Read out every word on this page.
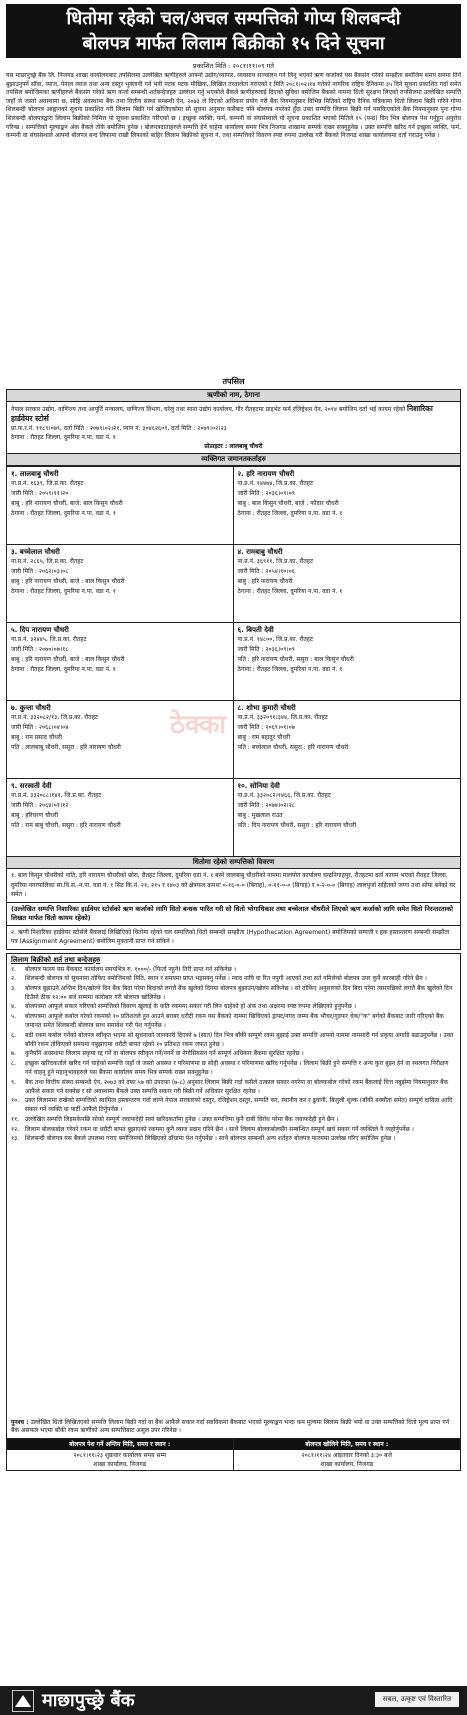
धितोमा रहेको चल/अचल सम्पत्तिको गोप्य शिलबन्दी
बोलपत्र मार्फत लिलाम बिक्रीको १५ दिने सूचना
प्रकाशित मिति : २०८१।११।०९ गते
यस माछापुच्छ्रे बैंक लि. निजगढ शाखा कार्यालयबाट तपसिलमा उल्लेखित ऋणीहरुले आफ्नो उद्योग/व्यापार, व्यवसाय सञ्चालन गर्न लिनु भएको ऋण कर्जाको यस बैंकसंग गरेको सम्झौता बमोजिम समय सममा तिर्ने बुझाउनुपर्ने सॉवा, व्याज, पेनाल व्याज तथा अन्य दस्तुर भुक्तानी गर्न भनी पटक पटक मौखिक, लिखित तरतालेता गराएको र मिति २०८१।०२।१४ गतेको नागरिक राष्ट्रिय दैनिकमा ३५ दिने सूचना प्रकाशित गर्दा समेत तपसिल बमोजिमका ऋणीहरुले बैंकसंग गरेको ऋण कर्जा सम्बन्धी शर्तबन्देजहरु उल्लंघन गर्नु भएकोले बैंकले ऋणीहरुलाई दिएको सुविधा बमोजिम बैंकको नाममा धितो सुरक्षण लिएको तपसिलमा उल्लेखित सम्पत्ति जहाँ जे जस्तो अवस्थामा छ, सोहि अवस्थामा बैंक तथा वित्तीय संस्था सम्बन्धी ऐन, २०७३ ले दिएको अधिकार प्रयोग गरी बैंक नियमानुसार विभिन्न मितिको राष्ट्रिय दैनिक पत्रिकामा धितो लिलाम बिक्री गरिने गोप्य शिलबन्दी बोलपत्र आह्वानको सूचना प्रकाशित गरी लिलाम बिक्री गर्न खोजिएकोमा सो सूचना अनुसार कसैबाट पनि बोलपत्र नपरेको हुँदा उक्त सम्पत्ति लिलाम बिक्री गर्न नसकिएकोले बैंक नियमानुसार पुनः गोप्य शिलबन्दी बोलपत्रद्वारा लिलाम बिक्रीको निमित्त यो सूचना प्रकाशित गरिएको छ । इच्छुक व्यक्ति, फर्म, कम्पनी वा संघसंस्थाले यो सूचना प्रकाशित भएको मितिले १५ (पन्ध्र) दिन भित्र बोलपत्र पेश गर्नुहुन अनुरोध गरिन्छ । सम्पत्तिको मूल्याङ्कन अंक बैंकले तोके बमोजिम हुनेछ । बोलपत्रदाताहरुले सम्पत्ति हेर्न चाहेमा कार्यालय समय भित्र निजगढ शाखामा सम्पर्क राख्न सक्नुहुनेछ । उक्त सम्पत्ति खरिद गर्न इच्छुक व्यक्ति, फर्म, कम्पनी वा संघसंस्थाले आफ्नो बोलपत्र बन्द लिफामा राखी लिफाको बाहिर लिलाम बिक्रीको सूचना नं. तथा सम्पत्तिको विवरण स्पष्ट रुपमा उल्लेख गरी बैंकको निजगढ शाखा कार्यालयमा दर्ता गराउनु पर्नेछ ।
तपसिल
ऋणीको नाम, ठेगाना
नेपाल सरकार उद्योग, वाणिज्य तथा आपूर्ति मन्त्रालय, वाणिज्य विभाग, घरेलु तथा साना उद्योग कार्यालय, गौर रौतहटमा प्राइभेट फर्म रजिष्ट्रेशन ऐन, २०१४ बमोजिम दर्ता भई कायम रहेको निशारिका हार्डवेयर स्टोर्स
प्रा.फ.र.नं. ११८९।०७९, दर्ता मिति : २०७९।०२।२१, प्यान नं. ३०४६२६०९, दर्ता मिति : २०७९।०२।२३
ठेगाना : रौतहट जिल्ला, दुमरिया न.पा. वडा नं. १
प्रोप्राइटर : लालबाबु चौधरी
व्यक्तिगत जमानतकर्ताहरु
१. लालबाबु चौधरी
ना.प्र.नं. १६३९, जि.प्र.का. रौतहट
जारी मिति : २०५९।११।२०
बाबु : हरि नारायण चौधरी, बाजे: बाल किसुन चौधरी
ठेगाना : रौतहट जिल्ला, दुमरिया न.पा. वडा नं. १
२. हरि नारायण चौधरी
ना.प्र.नं. १४४७४, जि.प्र.का. रौतहट
जारी मिति : २०३६।०९।०९
बाबु : बाल किसुन चौधरी, बाजे : फौदार चौधरी
ठेगाना : रौतहट जिल्ला, दुमरिया न.पा. वडा नं. १
३. बच्चेलाल चौधरी
ना.प्र.नं. २८६५, जि.प्र.का. रौतहट
जारी मिति : २०६२।०३।०८
बाबु : हरि नारायण चौधरी, बाजे : बाल किसुन चौधरी
ठेगाना : रौतहट जिल्ला, दुमरिया न.पा. वडा नं. १
४. रामबाबु चौधरी
ना.प्र.नं. ३६९११, जि.प्र.का. रौतहट
जारी मिति : २०५४।१०।०६
बाबु : हरि नारायण चौधरी
ठेगाना : रौतहट जिल्ला, दुमरिया न.पा. वडा नं. १
५. दिप नारायण चौधरी
ना.प्र.नं. ३२४४५, जि.प्र.का. रौतहट
जारी मिति : २०७०।०७।१८
बाबु : हरि नारायण चौधरी, बाजे : बाल किसुन चौधरी
ठेगाना : रौतहट जिल्ला, दुमरिया न.पा. वडा नं. १
६. बिपती देवी
ना.प्र.नं. १४८००, जि.प्र.का. रौतहट
जारी मिति : २०३६।०९।०९
पति : हरि नारायण चौधरी, ससुरा : बाल किसुन चौधरी
ठेगाना : रौतहट जिल्ला, दुमरिया न.पा. वडा नं. १
७. कुन्ता चौधरी
ना.प्र.नं. ३३२०८२/१३, जि.प्र.का. रौतहट
जारी मिति : २०६८।०४।०४
बाबु : राम प्रसाद चौधरी
पति : लालबाबु चौधरी, ससुरा : हरि नारायण चौधरी
८. शोभा कुमारी चौधरी
ना.प्र.नं. ३३२०९१।३४४, जि.प्र.का. रौतहट
जारी मिति : २०६९।०१।०७
बाबु : राम बहादुर चौधरी
पति : बच्चेलाल चौधरी, ससुरा : हरि नारायण चौधरी
९. सरस्वती देवी
ना.प्र.नं. ३३२०८८।१४१, जि.प्र.का. रौतहट
जारी मिति : २०६४।०१।१२
बाबु : हरिचरण चौधरी
पति : राम बाबु चौधरी, ससुरा : हरि नारायण चौधरी
१०. सोनिया देवी
ना.प्र.नं. ३३२०८२।१४६६, जि.प्र.का. रौतहट
जारी मिति : २०७४।०२।२८
बाबु : मुखलाल राउत
पति : दिप नारायण चौधरी, ससुरा : हरि नारायण चौधरी
धितोमा रहेको सम्पत्तिको विवरण
१. बाल किसुन चौधरीको नाति, हरि नारायण चौधरीको छोरा, रौतहट जिल्ला, दुमरिया वडा नं. १ बस्ने लालबाबु चौधरीको नाममा मालपोत कार्यालय चन्द्रनिगाहपुर, रौतहटमा दर्ता कायम भएको रौतहट जिल्ला, दुमरिया नगरपालिका सा.वि.स.-न.पा. वडा नं. १ सिट कि.नं. २१, २१५ र १४०३ को क्षेत्रफल क्रमशः ०-१६-०-० (बिगाह), ०-११-०-० (बिगाह) र ०-२-०-० (बिगाह) लालपुर्जा सहितको जग्गा तथा सोमा बनेको घर समेत ।
(उल्लेखित सम्पत्ति निशारिका हार्डवेयर स्टोर्सको ऋण कर्जाको लागि धितो बन्धक पारित गरी सो धितो भोगाधिकार तथा बच्चेलाल चौधरीले लिएको ऋण कर्जाको लागि समेत धितो निरन्तरताको लिखत मार्फत धितो कायम रहेको)
२. ऋणी निशारिका हार्डवेयर स्टोर्सले बैंकलाई लिखिएिको धितोमा रहेको चल सम्पत्तिको धितो सम्बन्धी सम्झौता (Hypothecation Agreement) बमोजिमको सम्पत्ती र हक हस्तान्तरण सम्बन्धी सम्झौता पत्र (Assignment Agreement) बमोजिम मुक्तानी प्राप्त गर्न सकिने ।
लिलाम बिक्रीको शर्त तथा बन्देजहरु
१.	बोलपत्र फारम यस बैंकबाट कार्यालय समयभित्र रु. १०००/- (फिर्ता नहुने) तिरी प्राप्त गर्न सकिनेछ ।
२.	शिलबन्दी बोलपत्र यो सूचनामा तोकिए बमोजिमको मिति, स्थान र समयमा प्राप्त भइसक्नु पर्नेछ । म्याद नाघि वा रित नपुगी आएको तथा सर्त नमिलेको बोलपत्र उपर कुनै कारबाही गरिने छैन ।
३.	बोलपत्र बुझाउने अन्तिम दिन/खोल्ने दिन बैंक बिदा परेमा बिदाको लगत्तै बैंक खुलेको दिनमा बोलपत्र बुझाउन/खोल्न सकिनेछ । सो तोकिए अनुसारको दिन बिदा परेमा त्यसपछिको लगत्तै बैंक खुलेको दिन दिउँसो ठीक १२:०० बजे सम्ममा कारोबार गरी बोलपत्र खोलिनेछ ।
४.	बोलपत्रमा आफूले सकार गरिएको सम्पत्तिको विवरण खुलाई के कति रकममा सकार गरी लिन चाहेको हो अंक तथा अक्षरमा स्पष्ट रुपमा लेखिएको हुनुपर्नेछ ।
५.	बोलपत्रमा आफूले कबोल गरेको रकमको १० प्रतिशतले हुन आउने बराबर धरौटी रकम यस बैंकको नाममा खिचिएको ड्राफ्ट/नगद जम्मा बैंक भौचर/गुडफर चेक/"क" बर्गको बैंकबाट जारी गरिएको बैंक जमानत समेत शिलबन्दी बोलपत्र साथ समावेश गरी पेश गर्नुपर्नेछ ।
६.	बढी रकम कबोल गर्नेको बोलपत्र स्वीकृत भएमा सो सूचनाको जानकारी दिएको ७ (सात) दिन भित्र बाँकी सम्पूर्ण रकम बुझाई उक्त सम्पत्ति आफ्नो नाममा नामसारी गर्न प्रकृया अगाडि बढाउनुपर्नेछ । उक्त बाँकी रकम तोकिएको समयमा नबुझाएमा धरौटी बापत रहेको १० प्रतिशत रकम जफत हुनेछ ।
७.	कुनैपनि अवस्थामा लिलाम प्रकृया रद्द गर्ने वा बोलपत्र स्वीकृत गर्ने/नगर्ने वा नेगोसियसन गर्ने सम्पूर्ण अधिकार बैंकमा सुरक्षित रहनेछ ।
८.	इच्छुक खरिदकर्ताले खरिद गर्न चाहेको सम्पत्ति जहाँ जे जस्तो अवस्था र परिमाणमा छ सोही अवस्था र परिमाणमा खरिद गर्नुपर्नेछ । लिलाम बिक्री हुने सम्पत्ति र अन्य कुरा बुझ्न हेर्न वा स्थलगत निरीक्षण गर्न चाहनु हुने महानुभावहरुले यस बैंकमा कार्यालय समय भित्र सम्पर्क राख्न सक्नुहुनेछ ।
९.	बैंक तथा वित्तीय संस्था सम्बन्धी ऐन, २०७३ को दफा ५७ को उपदफा (७-८) अनुसार लिलाम बिक्री गर्दा कसैले तत्काल सकार नगरेमा वा बोलकबोल गरेको रकम बैंकलाई चित्त नबुझेमा नियमानुसार बैंक आफैंले सकार गर्न सक्नेछ र सो अवस्थामा बैंकले उक्त सम्पत्ति सकार गरी बिक्री गर्ने अधिकार सुरक्षित रहनेछ ।
१०. उक्त लिलाममा राखेको सम्पत्तिको स्वामित्व हस्तान्तरण गर्दा लाग्ने नेपाल सरकारको दस्तुर, रजिष्ट्रेशन दस्तुर, सम्पति कर, स्थानीय कर र ढुवानी, बिजुली शुल्क (बाँकी बक्यौता समेत) सम्पूर्ण दायित्व आदि सकार गर्ने व्यक्ति वा पार्टी आफैंले तिर्नुपर्नेछ ।
११. उल्लेखित सम्पत्ति लिइसकेपछि सोको सम्पूर्ण जवाफदेही स्वयं खरिदकर्तामा हुनेछ । उक्त सम्पत्तिमा कुनै दाबी विरोध परेमा बैंक जवाफदेही हुने छैन ।
१२. लिलाम बोलकबोल गरेको रकम वा धरौटी बापत बुझाएको रकममा कुनै व्याज प्रदान गरिने छैन । साथै लिलाम बोलकबोलसँग सम्बन्धित सम्पूर्ण खर्च सकार गर्ने व्यक्तिले नै व्यहोर्नुपर्नेछ ।
१३. शिलबन्दी बोलपत्र यस बैंकले उपलब्ध गराए बमोजिमको लिखिएको ढाँचामा पेश गर्नुपर्नेछ । साथै बोलपत्र सम्बन्धी अन्य शर्तहरु बोलपत्र फारममा उल्लेख गरिए बमोजिम हुनेछ ।
पुनश्च : उल्लेखित धितो लिखितएको सम्पत्ति लिलाम बिक्री गर्दा वा बैंक आफैंले सकार गर्दा स्वाविकमा बैंकबाट भएको मूल्याङ्कन भन्दा कम मूल्यमा लिलाम बिक्री भयो वा उक्त सम्पत्तिको धितो मूल्य प्राप्त गर्न बैंक असफल भएमा बाँकी रकम ऋणीको अन्य सम्पत्तिबाट असुल उपर गरिनेछ ।
बोलपत्र पेश गर्ने अन्तिम मिति, समय र स्थान :
२०८१।११।२३ शुक्रवार कार्यालय समय सम्म
शाखा कार्यालय, निजगढ
बोलपत्र खोलिने मिति, समय र स्थान :
२०८१।११।२४ आइतवार दिनको ३:३० बजे
शाखा कार्यालय, निजगढ
ठेक्का
माछापुच्छ्रे बैंक	सबल, उत्कृष्ट एवं विस्तारित
